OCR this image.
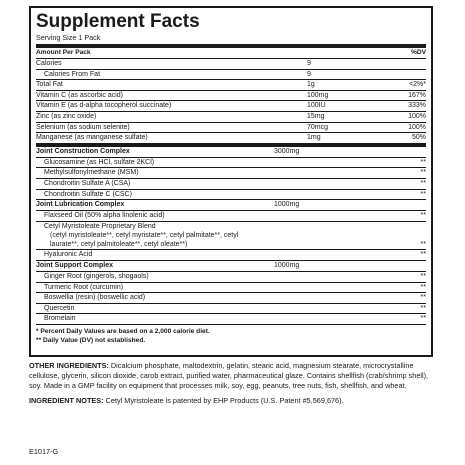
Supplement Facts
Serving Size 1 Pack
Amount Per Pack	%DV
Calories	9
Calories From Fat	9
Total Fat	1g	<2%*
Vitamin C (as ascorbic acid)	100mg	167%
Vitamin E (as d-alpha tocopherol succinate)	100IU	333%
Zinc (as zinc oxide)	15mg	100%
Selenium (as sodium selenite)	70mcg	100%
Manganese (as manganese sulfate)	1mg	50%
Joint Construction Complex	3000mg
Glucosamine (as HCl, sulfate 2KCl)	**
Methylsulfonylmethane (MSM)	**
Chondroitin Sulfate A (CSA)	**
Chondroitin Sulfate C (CSC)	**
Joint Lubrication Complex	1000mg
Flaxseed Oil (50% alpha linolenic acid)	**
Cetyl Myristoleate Proprietary Blend
(cetyl myristoleate**, cetyl myristate**, cetyl palmitate**, cetyl laurate**, cetyl palmitoleate**, cetyl oleate**)	**
Hyaluronic Acid	**
Joint Support Complex	1000mg
Ginger Root (gingerols, shogaols)	**
Turmeric Root (curcumin)	**
Boswellia (resin) (boswellic acid)	**
Quercetin	**
Bromelain	**
* Percent Daily Values are based on a 2,000 calorie diet.
** Daily Value (DV) not established.
OTHER INGREDIENTS: Dicalcium phosphate, maltodextrin, gelatin, stearic acid, magnesium stearate, microcrystalline cellulose, glycerin, silicon dioxide, carob extract, purified water, pharmaceutical glaze. Contains shellfish (crab/shrimp shell), soy. Made in a GMP facility on equipment that processes milk, soy, egg, peanuts, tree nuts, fish, shellfish, and wheat.
INGREDIENT NOTES: Cetyl Myristoleate is patented by EHP Products (U.S. Patent #5,569,676).
E1017-G
